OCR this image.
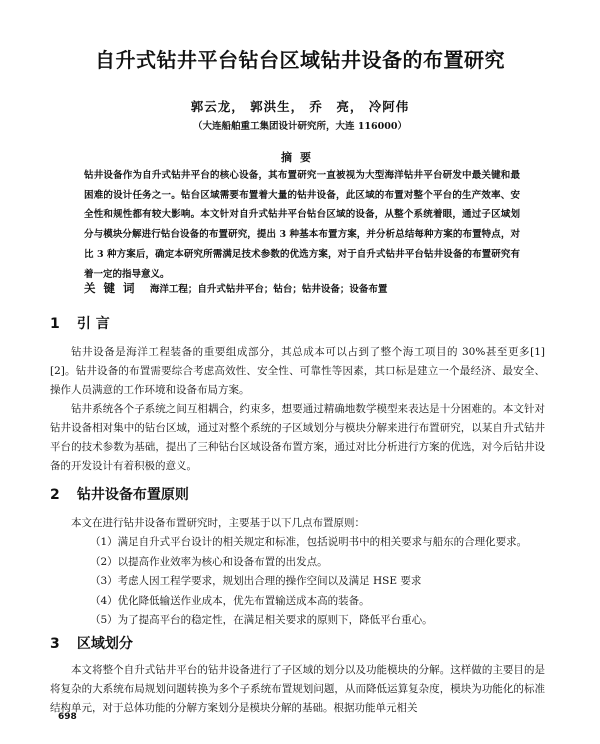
自升式钻井平台钻台区域钻井设备的布置研究
郭云龙， 郭洪生， 乔　亮， 冷阿伟
（大连船舶重工集团设计研究所，大连 116000）
摘要
钻井设备作为自升式钻井平台的核心设备，其布置研究一直被视为大型海洋钻井平台研发中最关键和最困难的设计任务之一。钻台区域需要布置着大量的钻井设备，此区域的布置对整个平台的生产效率、安全性和规性都有较大影响。本文针对自升式钻井平台钻台区域的设备，从整个系统着眼，通过子区域划分与模块分解进行钻台设备的布置研究，提出 3 种基本布置方案，并分析总结每种方案的布置特点，对比 3 种方案后，确定本研究所需满足技术参数的优选方案，对于自升式钻井平台钻井设备的布置研究有着一定的指导意义。
关键词 海洋工程；自升式钻井平台；钻台；钻井设备；设备布置
1 引 言

钻井设备是海洋工程装备的重要组成部分，其总成本可以占到了整个海工项目的 30%甚至更多[1][2]。钻井设备的布置需要综合考虑高效性、安全性、可靠性等因素，其口标是建立一个最经济、最安全、操作人员满意的工作环境和设备布局方案。

钻井系统各个子系统之间互相耦合，约束多，想要通过精确地数学模型来表达是十分困难的。本文针对钻井设备相对集中的钻台区域，通过对整个系统的子区域划分与模块分解来进行布置研究，以某自升式钻井平台的技术参数为基础，提出了三种钻台区域设备布置方案，通过对比分析进行方案的优选，对今后钻井设备的开发设计有着积极的意义。

2 钻井设备布置原则

本文在进行钻井设备布置研究时，主要基于以下几点布置原则：

（1）满足自升式平台设计的相关规定和标准，包括说明书中的相关要求与船东的合理化要求。
（2）以提高作业效率为核心和设备布置的出发点。
（3）考虑人因工程学要求，规划出合理的操作空间以及满足 HSE 要求
（4）优化降低输送作业成本，优先布置输送成本高的装备。
（5）为了提高平台的稳定性，在满足相关要求的原则下，降低平台重心。
3 区域划分

本文将整个自升式钻井平台的钻井设备进行了子区域的划分以及功能模块的分解。这样做的主要目的是将复杂的大系统布局规划问题转换为多个子系统布置规划问题，从而降低运算复杂度，模块为功能化的标准结构单元，对于总体功能的分解方案划分是模块分解的基础。根据功能单元相关

698
